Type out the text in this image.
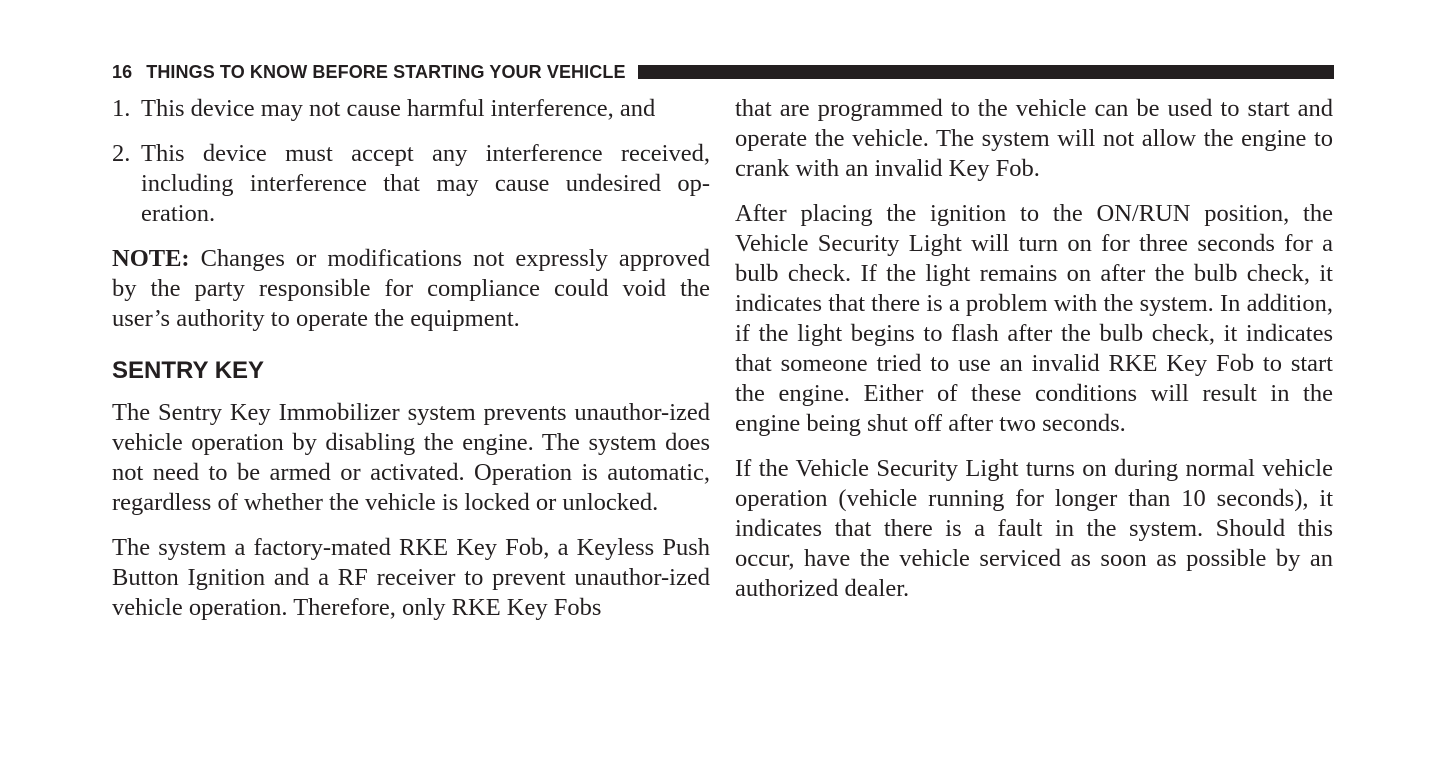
16 THINGS TO KNOW BEFORE STARTING YOUR VEHICLE
1. This device may not cause harmful interference, and
2. This device must accept any interference received, including interference that may cause undesired op-eration.

NOTE: Changes or modifications not expressly approved by the party responsible for compliance could void the user’s authority to operate the equipment.

SENTRY KEY

The Sentry Key Immobilizer system prevents unauthor-ized vehicle operation by disabling the engine. The system does not need to be armed or activated. Operation is automatic, regardless of whether the vehicle is locked or unlocked.

The system a factory-mated RKE Key Fob, a Keyless Push Button Ignition and a RF receiver to prevent unauthor-ized vehicle operation. Therefore, only RKE Key Fobs

that are programmed to the vehicle can be used to start and operate the vehicle. The system will not allow the engine to crank with an invalid Key Fob.

After placing the ignition to the ON/RUN position, the Vehicle Security Light will turn on for three seconds for a bulb check. If the light remains on after the bulb check, it indicates that there is a problem with the system. In addition, if the light begins to flash after the bulb check, it indicates that someone tried to use an invalid RKE Key Fob to start the engine. Either of these conditions will result in the engine being shut off after two seconds.

If the Vehicle Security Light turns on during normal vehicle operation (vehicle running for longer than 10 seconds), it indicates that there is a fault in the system. Should this occur, have the vehicle serviced as soon as possible by an authorized dealer.
